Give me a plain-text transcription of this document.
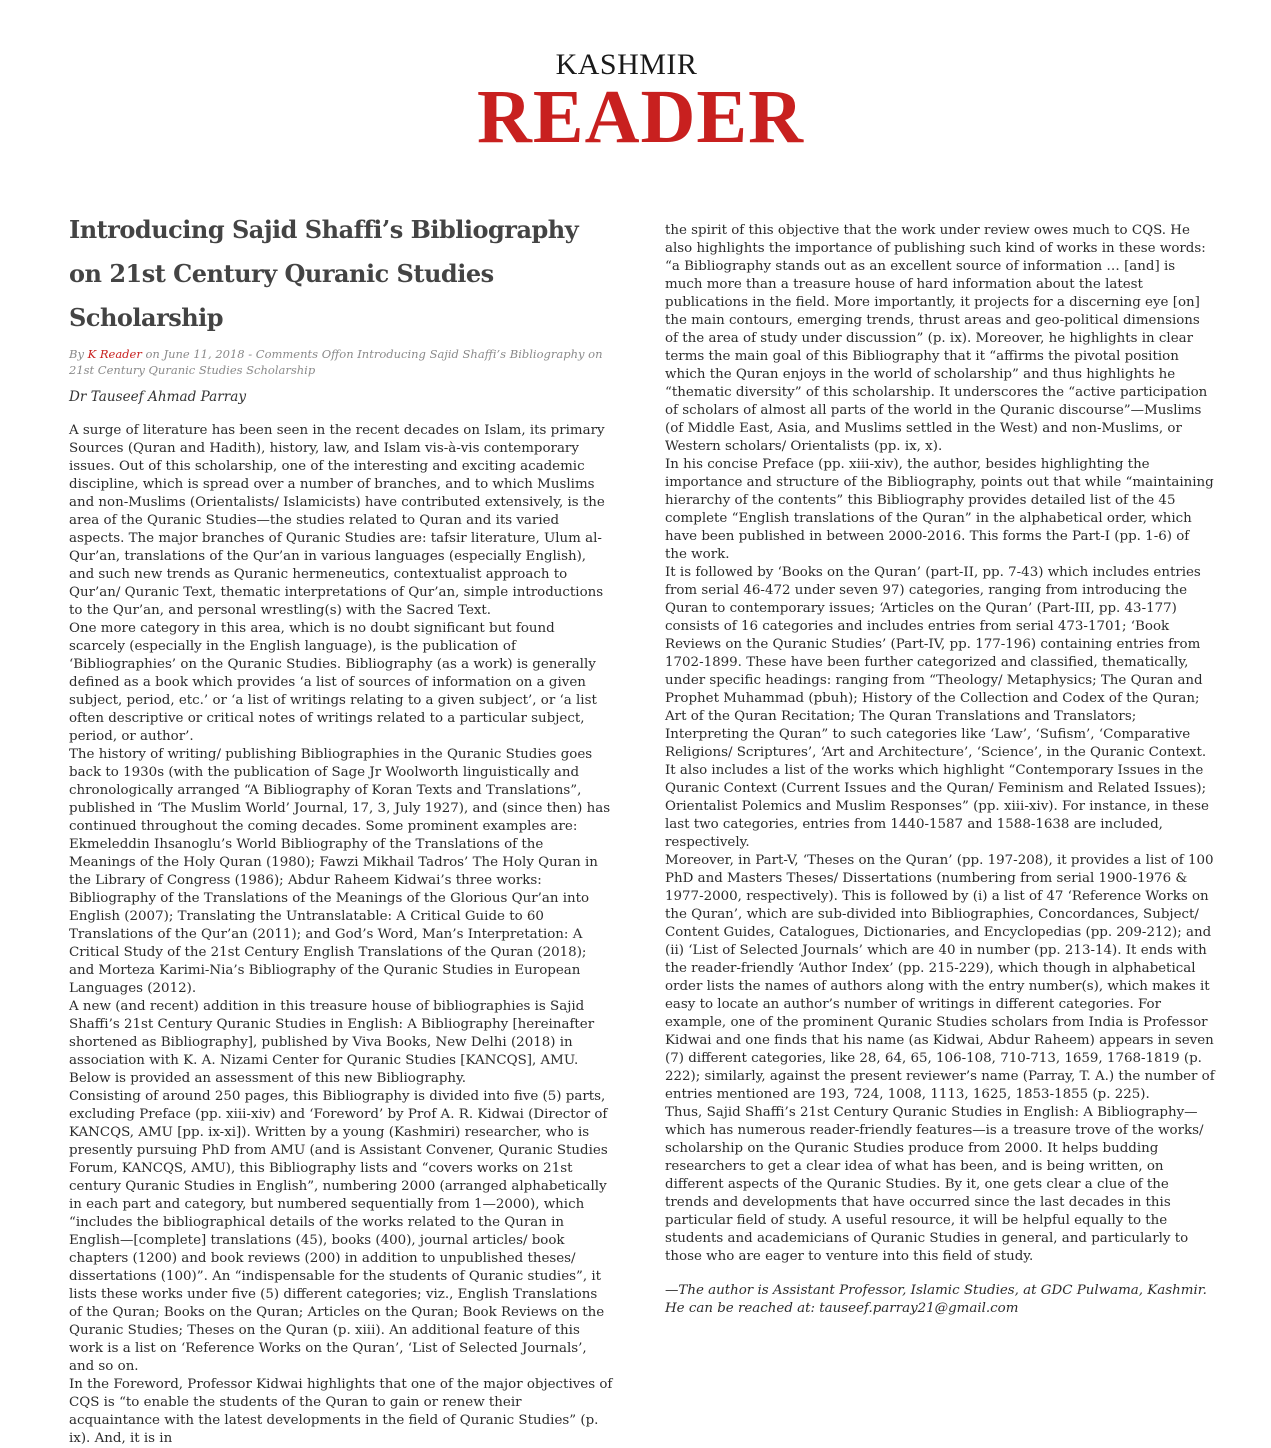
KASHMIR
READER
Introducing Sajid Shaffi’s Bibliography on 21st Century Quranic Studies Scholarship
By K Reader on June 11, 2018 - Comments Offon Introducing Sajid Shaffi’s Bibliography on 21st Century Quranic Studies Scholarship
Dr Tauseef Ahmad Parray

A surge of literature has been seen in the recent decades on Islam, its primary Sources (Quran and Hadith), history, law, and Islam vis-à-vis contemporary issues. Out of this scholarship, one of the interesting and exciting academic discipline, which is spread over a number of branches, and to which Muslims and non-Muslims (Orientalists/ Islamicists) have contributed extensively, is the area of the Quranic Studies—the studies related to Quran and its varied aspects. The major branches of Quranic Studies are: tafsir literature, Ulum al-Qur’an, translations of the Qur’an in various languages (especially English), and such new trends as Quranic hermeneutics, contextualist approach to Qur’an/ Quranic Text, thematic interpretations of Qur’an, simple introductions to the Qur’an, and personal wrestling(s) with the Sacred Text.

One more category in this area, which is no doubt significant but found scarcely (especially in the English language), is the publication of ‘Bibliographies’ on the Quranic Studies. Bibliography (as a work) is generally defined as a book which provides ‘a list of sources of information on a given subject, period, etc.’ or ‘a list of writings relating to a given subject’, or ‘a list often descriptive or critical notes of writings related to a particular subject, period, or author’.

The history of writing/ publishing Bibliographies in the Quranic Studies goes back to 1930s (with the publication of Sage Jr Woolworth linguistically and chronologically arranged “A Bibliography of Koran Texts and Translations”, published in ‘The Muslim World’ Journal, 17, 3, July 1927), and (since then) has continued throughout the coming decades. Some prominent examples are: Ekmeleddin Ihsanoglu’s World Bibliography of the Translations of the Meanings of the Holy Quran (1980); Fawzi Mikhail Tadros’ The Holy Quran in the Library of Congress (1986); Abdur Raheem Kidwai’s three works: Bibliography of the Translations of the Meanings of the Glorious Qur’an into English (2007); Translating the Untranslatable: A Critical Guide to 60 Translations of the Qur’an (2011); and God’s Word, Man’s Interpretation: A Critical Study of the 21st Century English Translations of the Quran (2018); and Morteza Karimi-Nia’s Bibliography of the Quranic Studies in European Languages (2012).

A new (and recent) addition in this treasure house of bibliographies is Sajid Shaffi’s 21st Century Quranic Studies in English: A Bibliography [hereinafter shortened as Bibliography], published by Viva Books, New Delhi (2018) in association with K. A. Nizami Center for Quranic Studies [KANCQS], AMU. Below is provided an assessment of this new Bibliography.

Consisting of around 250 pages, this Bibliography is divided into five (5) parts, excluding Preface (pp. xiii-xiv) and ‘Foreword’ by Prof A. R. Kidwai (Director of KANCQS, AMU [pp. ix-xi]). Written by a young (Kashmiri) researcher, who is presently pursuing PhD from AMU (and is Assistant Convener, Quranic Studies Forum, KANCQS, AMU), this Bibliography lists and “covers works on 21st century Quranic Studies in English”, numbering 2000 (arranged alphabetically in each part and category, but numbered sequentially from 1—2000), which “includes the bibliographical details of the works related to the Quran in English—[complete] translations (45), books (400), journal articles/ book chapters (1200) and book reviews (200) in addition to unpublished theses/ dissertations (100)”. An “indispensable for the students of Quranic studies”, it lists these works under five (5) different categories; viz., English Translations of the Quran; Books on the Quran; Articles on the Quran; Book Reviews on the Quranic Studies; Theses on the Quran (p. xiii). An additional feature of this work is a list on ‘Reference Works on the Quran’, ‘List of Selected Journals’, and so on.

In the Foreword, Professor Kidwai highlights that one of the major objectives of CQS is “to enable the students of the Quran to gain or renew their acquaintance with the latest developments in the field of Quranic Studies” (p. ix). And, it is in

the spirit of this objective that the work under review owes much to CQS. He also highlights the importance of publishing such kind of works in these words: “a Bibliography stands out as an excellent source of information … [and] is much more than a treasure house of hard information about the latest publications in the field. More importantly, it projects for a discerning eye [on] the main contours, emerging trends, thrust areas and geo-political dimensions of the area of study under discussion” (p. ix). Moreover, he highlights in clear terms the main goal of this Bibliography that it “affirms the pivotal position which the Quran enjoys in the world of scholarship” and thus highlights he “thematic diversity” of this scholarship. It underscores the “active participation of scholars of almost all parts of the world in the Quranic discourse”—Muslims (of Middle East, Asia, and Muslims settled in the West) and non-Muslims, or Western scholars/ Orientalists (pp. ix, x).

In his concise Preface (pp. xiii-xiv), the author, besides highlighting the importance and structure of the Bibliography, points out that while “maintaining hierarchy of the contents” this Bibliography provides detailed list of the 45 complete “English translations of the Quran” in the alphabetical order, which have been published in between 2000-2016. This forms the Part-I (pp. 1-6) of the work.

It is followed by ‘Books on the Quran’ (part-II, pp. 7-43) which includes entries from serial 46-472 under seven 97) categories, ranging from introducing the Quran to contemporary issues; ‘Articles on the Quran’ (Part-III, pp. 43-177) consists of 16 categories and includes entries from serial 473-1701; ‘Book Reviews on the Quranic Studies’ (Part-IV, pp. 177-196) containing entries from 1702-1899. These have been further categorized and classified, thematically, under specific headings: ranging from “Theology/ Metaphysics; The Quran and Prophet Muhammad (pbuh); History of the Collection and Codex of the Quran; Art of the Quran Recitation; The Quran Translations and Translators; Interpreting the Quran” to such categories like ‘Law’, ‘Sufism’, ‘Comparative Religions/ Scriptures’, ‘Art and Architecture’, ‘Science’, in the Quranic Context. It also includes a list of the works which highlight “Contemporary Issues in the Quranic Context (Current Issues and the Quran/ Feminism and Related Issues); Orientalist Polemics and Muslim Responses” (pp. xiii-xiv). For instance, in these last two categories, entries from 1440-1587 and 1588-1638 are included, respectively.

Moreover, in Part-V, ‘Theses on the Quran’ (pp. 197-208), it provides a list of 100 PhD and Masters Theses/ Dissertations (numbering from serial 1900-1976 & 1977-2000, respectively). This is followed by (i) a list of 47 ‘Reference Works on the Quran’, which are sub-divided into Bibliographies, Concordances, Subject/ Content Guides, Catalogues, Dictionaries, and Encyclopedias (pp. 209-212); and (ii) ‘List of Selected Journals’ which are 40 in number (pp. 213-14). It ends with the reader-friendly ‘Author Index’ (pp. 215-229), which though in alphabetical order lists the names of authors along with the entry number(s), which makes it easy to locate an author’s number of writings in different categories. For example, one of the prominent Quranic Studies scholars from India is Professor Kidwai and one finds that his name (as Kidwai, Abdur Raheem) appears in seven (7) different categories, like 28, 64, 65, 106-108, 710-713, 1659, 1768-1819 (p. 222); similarly, against the present reviewer’s name (Parray, T. A.) the number of entries mentioned are 193, 724, 1008, 1113, 1625, 1853-1855 (p. 225).

Thus, Sajid Shaffi’s 21st Century Quranic Studies in English: A Bibliography—which has numerous reader-friendly features—is a treasure trove of the works/ scholarship on the Quranic Studies produce from 2000. It helps budding researchers to get a clear idea of what has been, and is being written, on different aspects of the Quranic Studies. By it, one gets clear a clue of the trends and developments that have occurred since the last decades in this particular field of study. A useful resource, it will be helpful equally to the students and academicians of Quranic Studies in general, and particularly to those who are eager to venture into this field of study.

—The author is Assistant Professor, Islamic Studies, at GDC Pulwama, Kashmir. He can be reached at: tauseef.parray21@gmail.com
